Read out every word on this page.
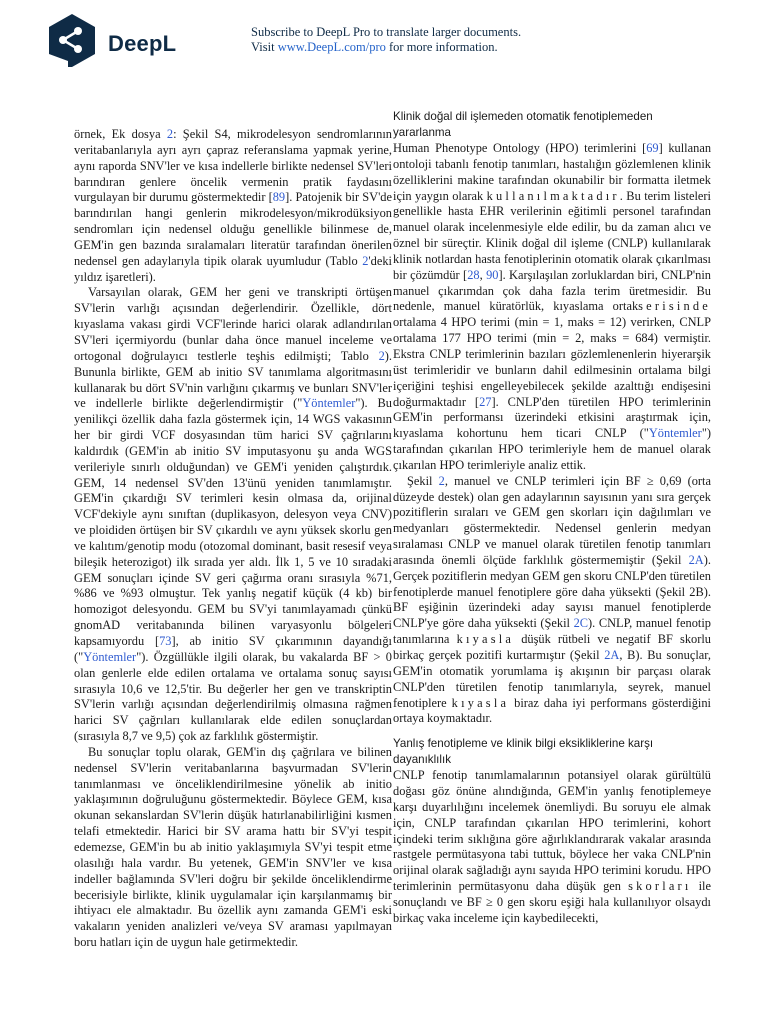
DeepL	Subscribe to DeepL Pro to translate larger documents.
Visit www.DeepL.com/pro for more information.

örnek, Ek dosya 2: Şekil S4, mikrodelesyon sendromlarının veritabanlarıyla ayrı ayrı çapraz referanslama yapmak yerine, aynı raporda SNV'ler ve kısa indellerle birlikte nedensel SV'leri barındıran genlere öncelik vermenin pratik faydasını vurgulayan bir durumu göstermektedir [89]. Patojenik bir SV'de barındırılan hangi genlerin mikrodelesyon/mikrodüksiyon sendromları için nedensel olduğu genellikle bilinmese de, GEM'in gen bazında sıralamaları literatür tarafından önerilen nedensel gen adaylarıyla tipik olarak uyumludur (Tablo 2'deki yıldız işaretleri).

Varsayılan olarak, GEM her geni ve transkripti örtüşen SV'lerin varlığı açısından değerlendirir. Özellikle, dört kıyaslama vakası girdi VCF'lerinde harici olarak adlandırılan SV'leri içermiyordu (bunlar daha önce manuel inceleme ve ortogonal doğrulayıcı testlerle teşhis edilmişti; Tablo 2). Bununla birlikte, GEM ab initio SV tanımlama algoritmasını kullanarak bu dört SV'nin varlığını çıkarmış ve bunları SNV'ler ve indellerle birlikte değerlendirmiştir ("Yöntemler"). Bu yenilikçi özellik daha fazla göstermek için, 14 WGS vakasının her bir girdi VCF dosyasından tüm harici SV çağrılarını kaldırdık (GEM'in ab initio SV imputasyonu şu anda WGS verileriyle sınırlı olduğundan) ve GEM'i yeniden çalıştırdık. GEM, 14 nedensel SV'den 13'ünü yeniden tanımlamıştır. GEM'in çıkardığı SV terimleri kesin olmasa da, orijinal VCF'dekiyle aynı sınıftan (duplikasyon, delesyon veya CNV) ve ploididen örtüşen bir SV çıkardılı ve aynı yüksek skorlu gen ve kalıtım/genotip modu (otozomal dominant, basit resesif veya bileşik heterozigot) ilk sırada yer aldı. İlk 1, 5 ve 10 sıradaki GEM sonuçları içinde SV geri çağırma oranı sırasıyla %71, %86 ve %93 olmuştur. Tek yanlış negatif küçük (4 kb) bir homozigot delesyondu. GEM bu SV'yi tanımlayamadı çünkü gnomAD veritabanında bilinen varyasyonlu bölgeleri kapsamıyordu [73], ab initio SV çıkarımının dayandığı ("Yöntemler"). Özgüllükle ilgili olarak, bu vakalarda BF > 0 olan genlerle elde edilen ortalama ve ortalama sonuç sayısı sırasıyla 10,6 ve 12,5'tir. Bu değerler her gen ve transkriptin SV'lerin varlığı açısından değerlendirilmiş olmasına rağmen harici SV çağrıları kullanılarak elde edilen sonuçlardan (sırasıyla 8,7 ve 9,5) çok az farklılık göstermiştir.

Bu sonuçlar toplu olarak, GEM'in dış çağrılara ve bilinen nedensel SV'lerin veritabanlarına başvurmadan SV'lerin tanımlanması ve önceliklendirilmesine yönelik ab initio yaklaşımının doğruluğunu göstermektedir. Böylece GEM, kısa okunan sekanslardan SV'lerin düşük hatırlanabilirliğini kısmen telafi etmektedir. Harici bir SV arama hattı bir SV'yi tespit edemezse, GEM'in bu ab initio yaklaşımıyla SV'yi tespit etme olasılığı hala vardır. Bu yetenek, GEM'in SNV'ler ve kısa indeller bağlamında SV'leri doğru bir şekilde önceliklendirme becerisiyle birlikte, klinik uygulamalar için karşılanmamış bir ihtiyacı ele almaktadır. Bu özellik aynı zamanda GEM'i eski vakaların yeniden analizleri ve/veya SV araması yapılmayan boru hatları için de uygun hale getirmektedir.

Klinik doğal dil işlemeden otomatik fenotiplemeden yararlanma

Human Phenotype Ontology (HPO) terimlerini [69] kullanan ontoloji tabanlı fenotip tanımları, hastalığın gözlemlenen klinik özelliklerini makine tarafından okunabilir bir formatta iletmek için yaygın olarak kullanılmaktadır. Bu terim listeleri genellikle hasta EHR verilerinin eğitimli personel tarafından manuel olarak incelenmesiyle elde edilir, bu da zaman alıcı ve öznel bir süreçtir. Klinik doğal dil işleme (CNLP) kullanılarak klinik notlardan hasta fenotiplerinin otomatik olarak çıkarılması bir çözümdür [28, 90]. Karşılaşılan zorluklardan biri, CNLP'nin manuel çıkarımdan çok daha fazla terim üretmesidir. Bu nedenle, manuel küratörlük, kıyaslama ortakserisinde ortalama 4 HPO terimi (min = 1, maks = 12) verirken, CNLP ortalama 177 HPO terimi (min = 2, maks = 684) vermiştir. Ekstra CNLP terimlerinin bazıları gözlemlenenlerin hiyerarşik üst terimleridir ve bunların dahil edilmesinin ortalama bilgi içeriğini teşhisi engelleyebilecek şekilde azalttığı endişesini doğurmaktadır [27]. CNLP'den türetilen HPO terimlerinin GEM'in performansı üzerindeki etkisini araştırmak için, kıyaslama kohortunu hem ticari CNLP ("Yöntemler") tarafından çıkarılan HPO terimleriyle hem de manuel olarak çıkarılan HPO terimleriyle analiz ettik.

Şekil 2, manuel ve CNLP terimleri için BF ≥ 0,69 (orta düzeyde destek) olan gen adaylarının sayısının yanı sıra gerçek pozitiflerin sıraları ve GEM gen skorları için dağılımları ve medyanları göstermektedir. Nedensel genlerin medyan sıralaması CNLP ve manuel olarak türetilen fenotip tanımları arasında önemli ölçüde farklılık göstermemiştir (Şekil 2A). Gerçek pozitiflerin medyan GEM gen skoru CNLP'den türetilen fenotiplerde manuel fenotiplere göre daha yüksekti (Şekil 2B). BF eşiğinin üzerindeki aday sayısı manuel fenotiplerde CNLP'ye göre daha yüksekti (Şekil 2C). CNLP, manuel fenotip tanımlarına kıyasla düşük rütbeli ve negatif BF skorlu birkaç gerçek pozitifi kurtarmıştır (Şekil 2A, B). Bu sonuçlar, GEM'in otomatik yorumlama iş akışının bir parçası olarak CNLP'den türetilen fenotip tanımlarıyla, seyrek, manuel fenotiplere kıyasla biraz daha iyi performans gösterdiğini ortaya koymaktadır.

Yanlış fenotipleme ve klinik bilgi eksikliklerine karşı dayanıklılık

CNLP fenotip tanımlamalarının potansiyel olarak gürültülü doğası göz önüne alındığında, GEM'in yanlış fenotiplemeye karşı duyarlılığını incelemek önemliydi. Bu soruyu ele almak için, CNLP tarafından çıkarılan HPO terimlerini, kohort içindeki terim sıklığına göre ağırlıklandırarak vakalar arasında rastgele permütasyona tabi tuttuk, böylece her vaka CNLP'nin orijinal olarak sağladığı aynı sayıda HPO terimini korudu. HPO terimlerinin permütasyonu daha düşük gen skorları ile sonuçlandı ve BF ≥ 0 gen skoru eşiği hala kullanılıyor olsaydı birkaç vaka inceleme için kaybedilecekti,
